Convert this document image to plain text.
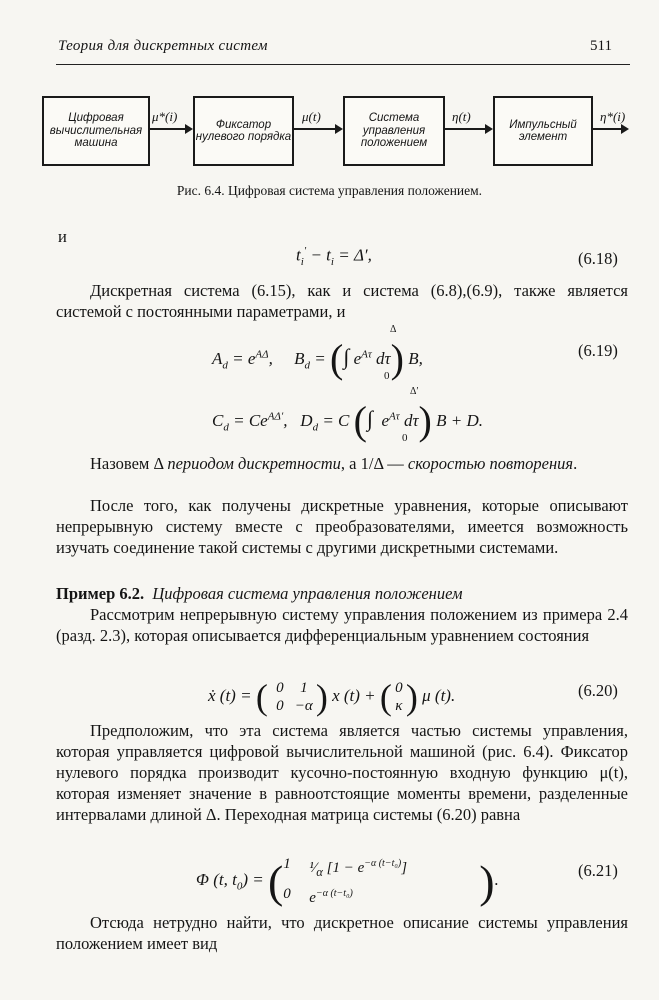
Теория для дискретных систем	511
Цифровая вычислительная машина
Фиксатор нулевого порядка
Система управления положением
Импульсный элемент
μ*(i)	μ(t)	η(t)	η*(i)
Рис. 6.4. Цифровая система управления положением.
и
$t_i' - t_i = \Delta'$,	(6.18)
Дискретная система (6.15), как и система (6.8),(6.9), также является системой с постоянными параметрами, и
$A_d = e^{A\Delta}$,     $B_d$ = (∫ $e^{A\tau}$ dτ) B,
Δ
0
(6.19)
$C_d = Ce^{A\Delta'}$,   $D_d = C$ (∫  $e^{A\tau}$ dτ) B + D.
Δ′
0
Назовем Δ периодом дискретности, а 1/Δ — скоростью повторения.
После того, как получены дискретные уравнения, которые описывают непрерывную систему вместе с преобразователями, имеется возможность изучать соединение такой системы с другими дискретными системами.
Пример 6.2. Цифровая система управления положением
Рассмотрим непрерывную систему управления положением из примера 2.4 (разд. 2.3), которая описывается дифференциальным уравнением состояния
ẋ (t) = ( 0	1
0 −α ) x (t) + ( 0
κ ) μ (t).	(6.20)
Предположим, что эта система является частью системы управления, которая управляется цифровой вычислительной машиной (рис. 6.4). Фиксатор нулевого порядка производит кусочно-постоянную входную функцию μ(t), которая изменяет значение в равноотстоящие моменты времени, разделенные интервалами длиной Δ. Переходная матрица системы (6.20) равна
Φ (t, $t_0$) = ( 1	$^1⁄_\alpha$ $[1 - e^{-\alpha (t-t_0)}]$
0	$e^{-\alpha (t-t_0)}$	) .	(6.21)
Отсюда нетрудно найти, что дискретное описание системы управления положением имеет вид
